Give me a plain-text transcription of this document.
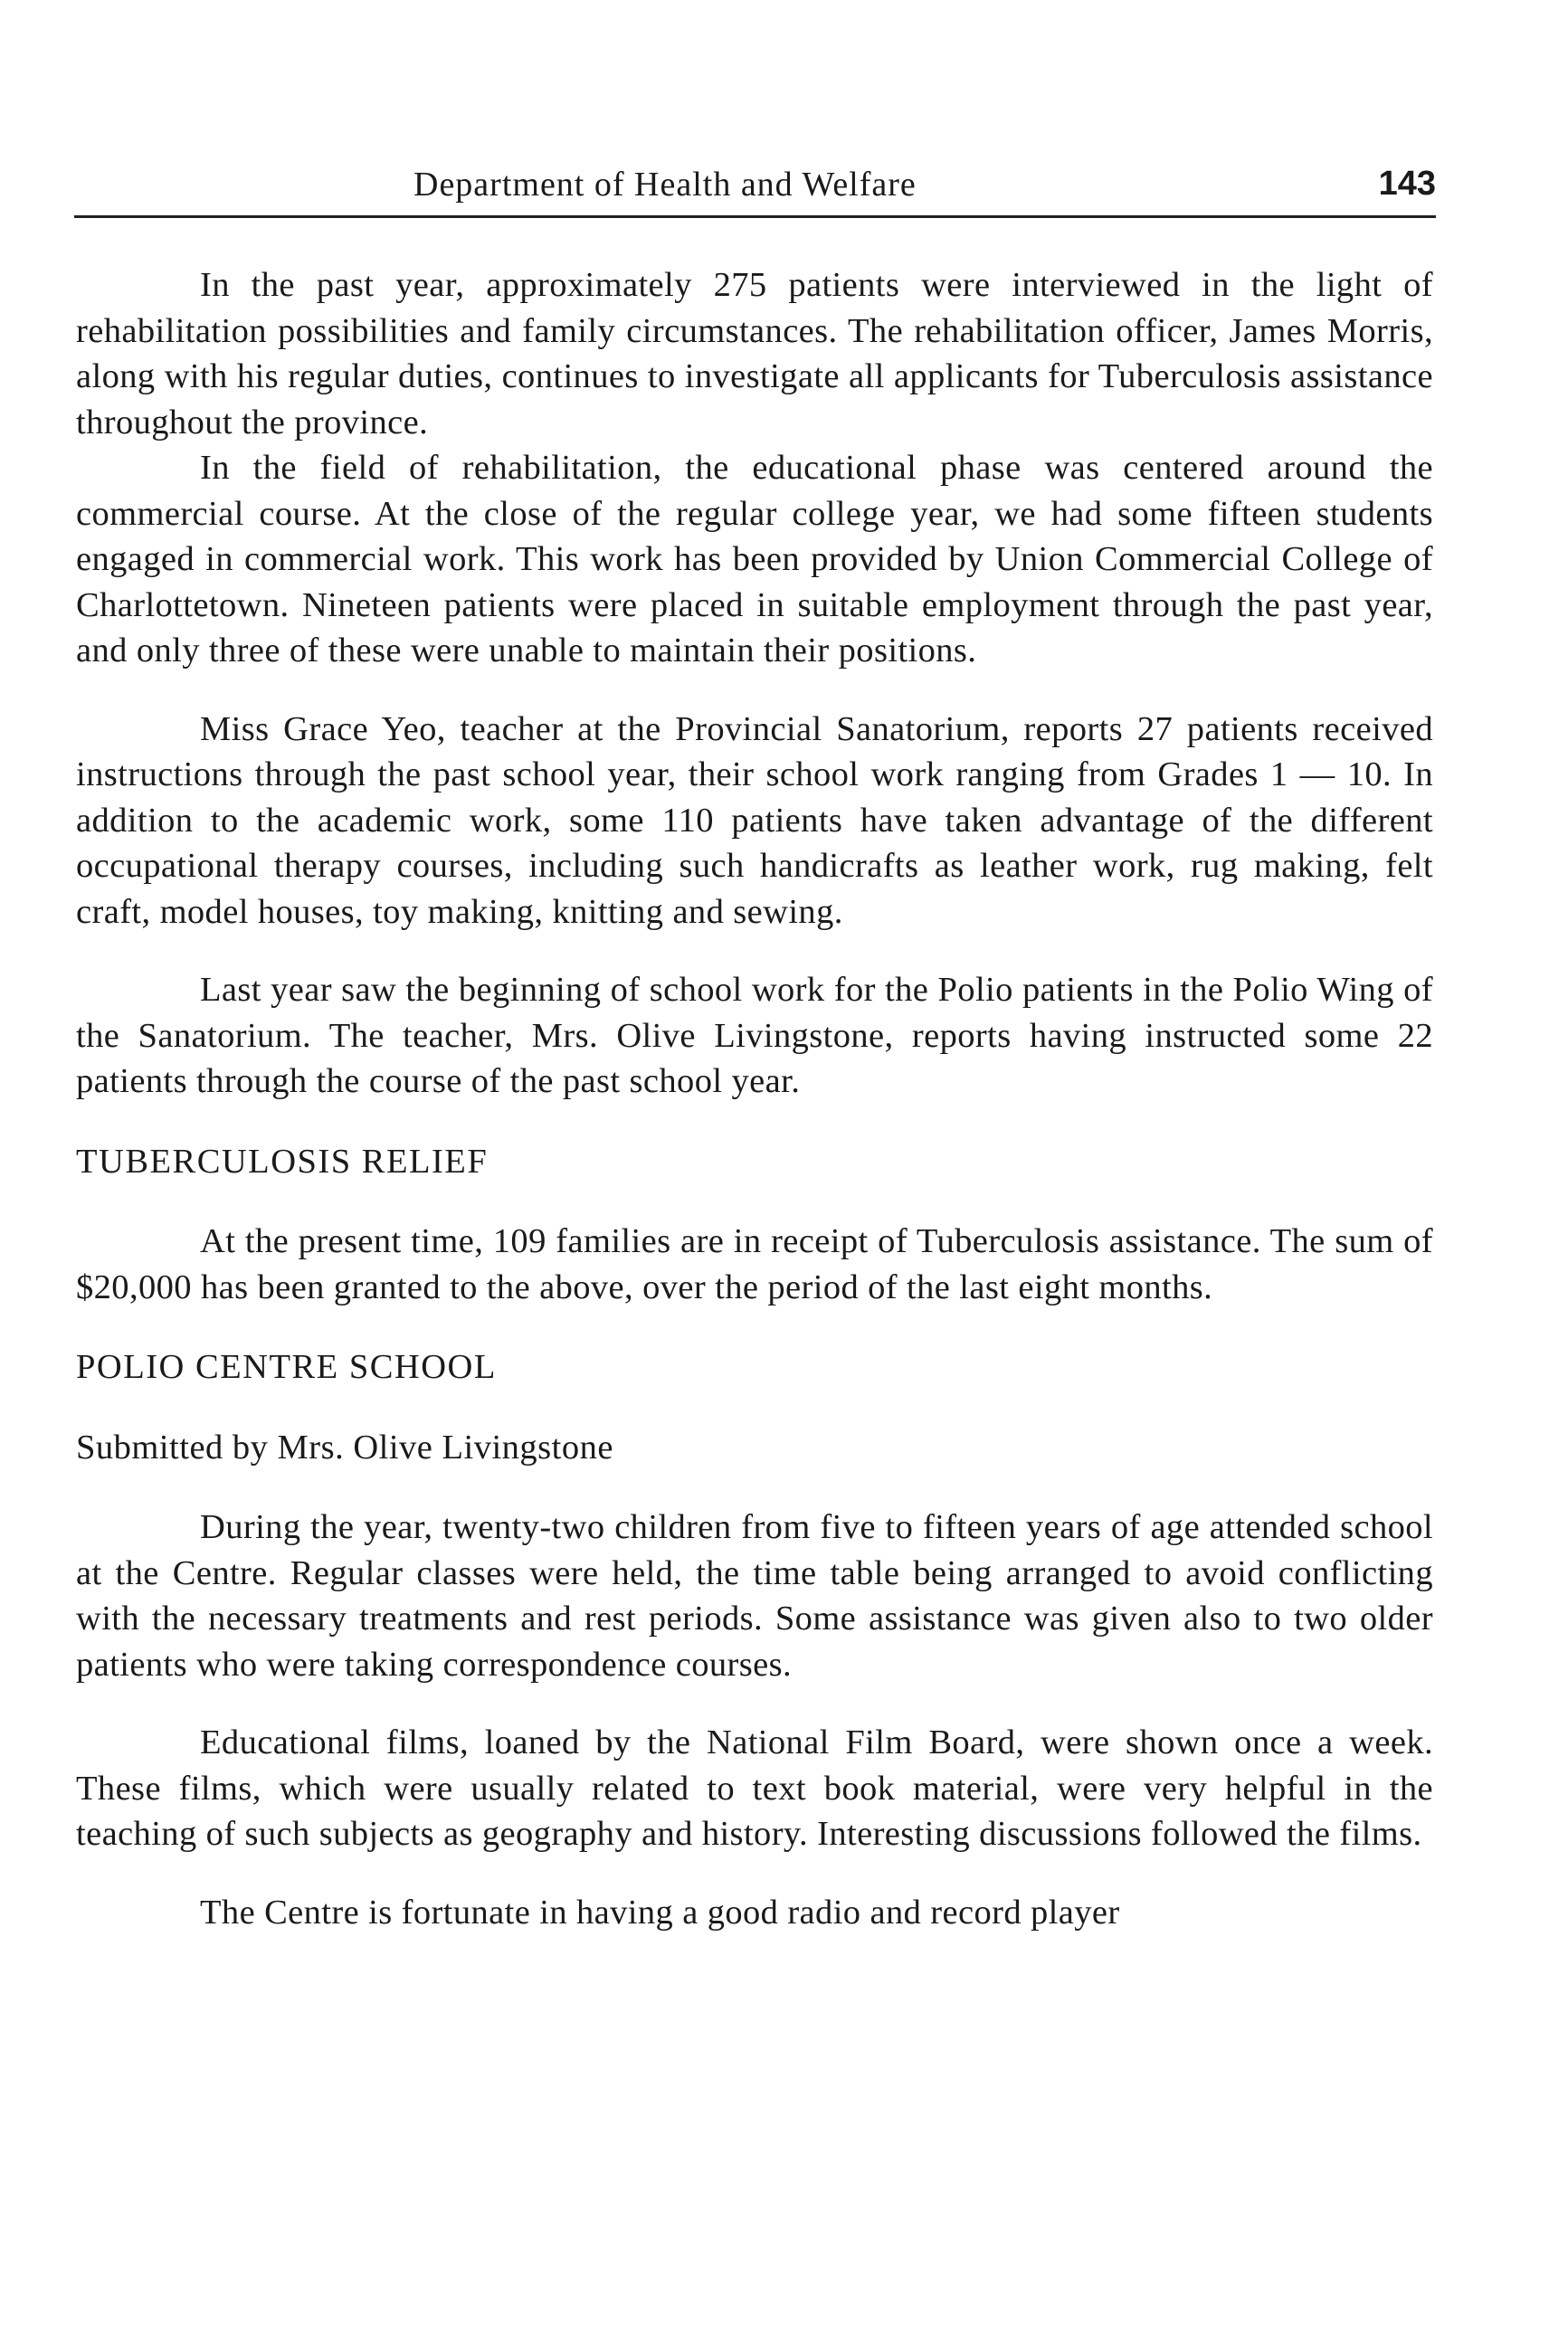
Department of Health and Welfare	143

In the past year, approximately 275 patients were interviewed in the light of rehabilitation possibilities and family circumstances. The rehabilitation officer, James Morris, along with his regular duties, continues to investigate all applicants for Tuberculosis assistance throughout the province.

In the field of rehabilitation, the educational phase was centered around the commercial course. At the close of the regular college year, we had some fifteen students engaged in commercial work. This work has been provided by Union Commercial College of Charlottetown. Nineteen patients were placed in suitable employment through the past year, and only three of these were unable to maintain their positions.

Miss Grace Yeo, teacher at the Provincial Sanatorium, reports 27 patients received instructions through the past school year, their school work ranging from Grades 1 — 10. In addition to the academic work, some 110 patients have taken advantage of the different occupational therapy courses, including such handicrafts as leather work, rug making, felt craft, model houses, toy making, knitting and sewing.

Last year saw the beginning of school work for the Polio patients in the Polio Wing of the Sanatorium. The teacher, Mrs. Olive Livingstone, reports having instructed some 22 patients through the course of the past school year.

TUBERCULOSIS RELIEF

At the present time, 109 families are in receipt of Tuberculosis assistance. The sum of $20,000 has been granted to the above, over the period of the last eight months.

POLIO CENTRE SCHOOL
Submitted by Mrs. Olive Livingstone

During the year, twenty-two children from five to fifteen years of age attended school at the Centre. Regular classes were held, the time table being arranged to avoid conflicting with the necessary treatments and rest periods. Some assistance was given also to two older patients who were taking correspondence courses.

Educational films, loaned by the National Film Board, were shown once a week. These films, which were usually related to text book material, were very helpful in the teaching of such subjects as geography and history. Interesting discussions followed the films.

The Centre is fortunate in having a good radio and record player
